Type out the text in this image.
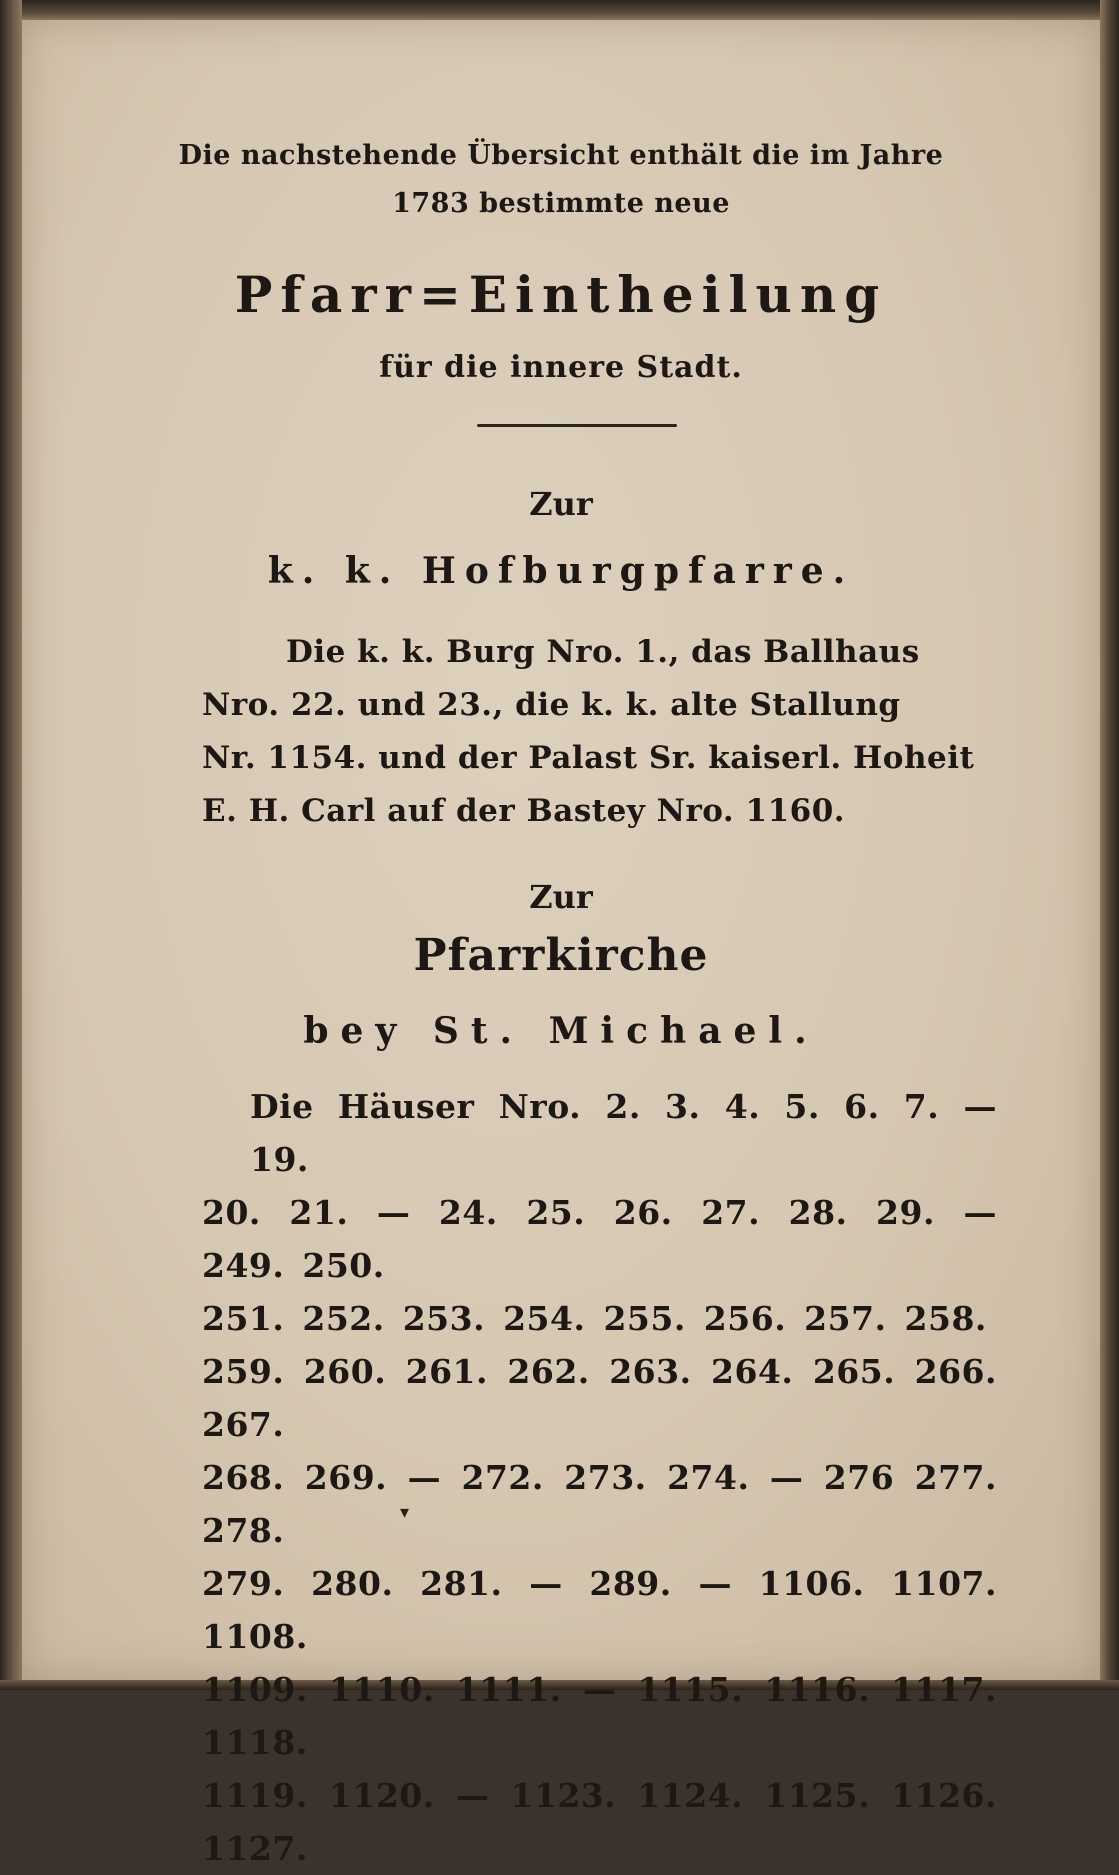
Die nachstehende Übersicht enthält die im Jahre
1783 bestimmte neue
Pfarr=Eintheilung
für die innere Stadt.
Zur
k. k. Hofburgpfarre.
Die k. k. Burg Nro. 1., das Ballhaus
Nro. 22. und 23., die k. k. alte Stallung
Nr. 1154. und der Palast Sr. kaiserl. Hoheit
E. H. Carl auf der Bastey Nro. 1160.
Zur
Pfarrkirche
bey St. Michael.
Die Häuser Nro. 2. 3. 4. 5. 6. 7. — 19.
20. 21. — 24. 25. 26. 27. 28. 29. — 249. 250.
251. 252. 253. 254. 255. 256. 257. 258.
259. 260. 261. 262. 263. 264. 265. 266. 267.
268. 269. — 272. 273. 274. — 276 277. 278.
279. 280. 281. — 289. — 1106. 1107. 1108.
1109. 1110. 1111. — 1115. 1116. 1117. 1118.
1119. 1120. — 1123. 1124. 1125. 1126. 1127.
▾
